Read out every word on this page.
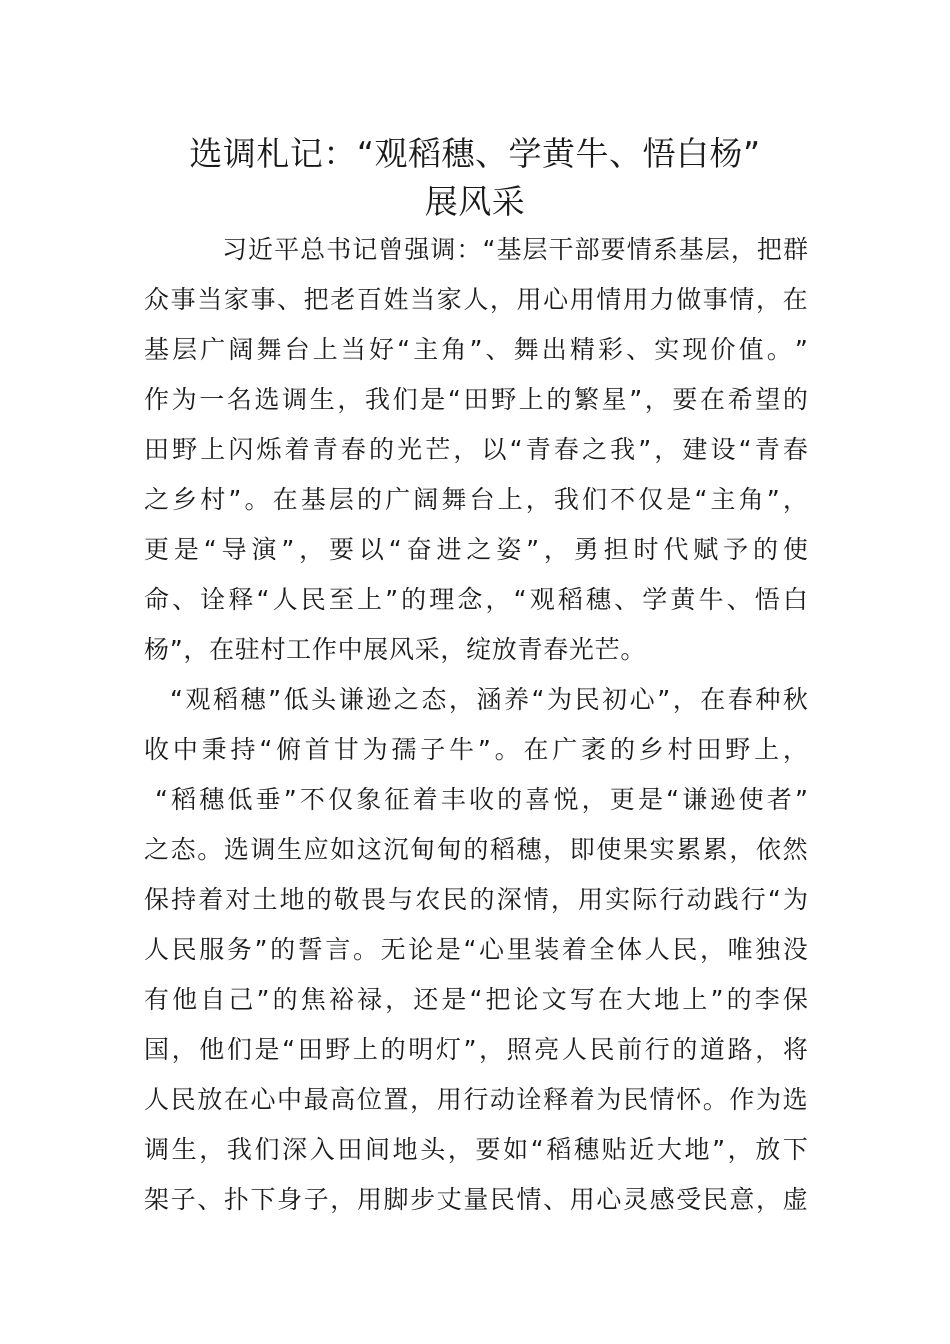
选调札记：“观稻穗、学黄牛、悟白杨”
展风采
习 近 平 总 书 记 曾 强 调 ： “ 基 层 干 部 要 情 系 基 层 ， 把 群
众 事 当 家 事 、 把 老 百 姓 当 家 人 ， 用 心 用 情 用 力 做 事 情 ， 在
基 层 广 阔 舞 台 上 当 好 “ 主 角 ” 、 舞 出 精 彩 、 实 现 价 值 。 ”
作 为 一 名 选 调 生 ， 我 们 是 “ 田 野 上 的 繁 星 ” ， 要 在 希 望 的
田 野 上 闪 烁 着 青 春 的 光 芒 ， 以 “ 青 春 之 我 ” ， 建 设 “ 青 春
之 乡 村 ” 。 在 基 层 的 广 阔 舞 台 上 ， 我 们 不 仅 是 “ 主 角 ” ，
更 是 “ 导 演 ” ， 要 以 “ 奋 进 之 姿 ” ， 勇 担 时 代 赋 予 的 使
命 、 诠 释 “ 人 民 至 上 ” 的 理 念 ， “ 观 稻 穗 、 学 黄 牛 、 悟 白
杨 ” ， 在 驻 村 工 作 中 展 风 采 ， 绽 放 青 春 光 芒 。
“ 观 稻 穗 ” 低 头 谦 逊 之 态 ， 涵 养 “ 为 民 初 心 ” ， 在 春 种 秋
收 中 秉 持 “ 俯 首 甘 为 孺 子 牛 ” 。 在 广 袤 的 乡 村 田 野 上 ，
“ 稻 穗 低 垂 ” 不 仅 象 征 着 丰 收 的 喜 悦 ， 更 是 “ 谦 逊 使 者 ”
之 态 。 选 调 生 应 如 这 沉 甸 甸 的 稻 穗 ， 即 使 果 实 累 累 ， 依 然
保 持 着 对 土 地 的 敬 畏 与 农 民 的 深 情 ， 用 实 际 行 动 践 行 “ 为
人 民 服 务 ” 的 誓 言 。 无 论 是 “ 心 里 装 着 全 体 人 民 ， 唯 独 没
有 他 自 己 ” 的 焦 裕 禄 ， 还 是 “ 把 论 文 写 在 大 地 上 ” 的 李 保
国 ， 他 们 是 “ 田 野 上 的 明 灯 ” ， 照 亮 人 民 前 行 的 道 路 ， 将
人 民 放 在 心 中 最 高 位 置 ， 用 行 动 诠 释 着 为 民 情 怀 。 作 为 选
调 生 ， 我 们 深 入 田 间 地 头 ， 要 如 “ 稻 穗 贴 近 大 地 ” ， 放 下
架 子 、 扑 下 身 子 ， 用 脚 步 丈 量 民 情 、 用 心 灵 感 受 民 意 ， 虚
